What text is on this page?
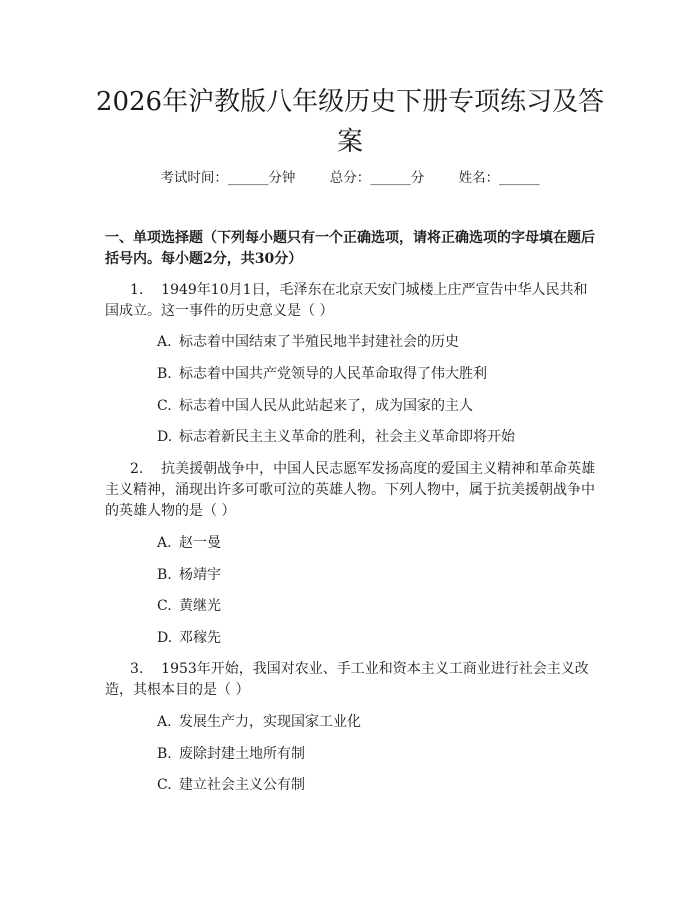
2026年沪教版八年级历史下册专项练习及答案
考试时间：______分钟	总分：______分	姓名：______

一、单项选择题（下列每小题只有一个正确选项，请将正确选项的字母填在题后括号内。每小题2分，共30分）

1. 1949年10月1日，毛泽东在北京天安门城楼上庄严宣告中华人民共和国成立。这一事件的历史意义是（ ）

A. 标志着中国结束了半殖民地半封建社会的历史
B. 标志着中国共产党领导的人民革命取得了伟大胜利
C. 标志着中国人民从此站起来了，成为国家的主人
D. 标志着新民主主义革命的胜利，社会主义革命即将开始

2. 抗美援朝战争中，中国人民志愿军发扬高度的爱国主义精神和革命英雄主义精神，涌现出许多可歌可泣的英雄人物。下列人物中，属于抗美援朝战争中的英雄人物的是（ ）

A. 赵一曼
B. 杨靖宇
C. 黄继光
D. 邓稼先

3. 1953年开始，我国对农业、手工业和资本主义工商业进行社会主义改造，其根本目的是（ ）

A. 发展生产力，实现国家工业化
B. 废除封建土地所有制
C. 建立社会主义公有制
